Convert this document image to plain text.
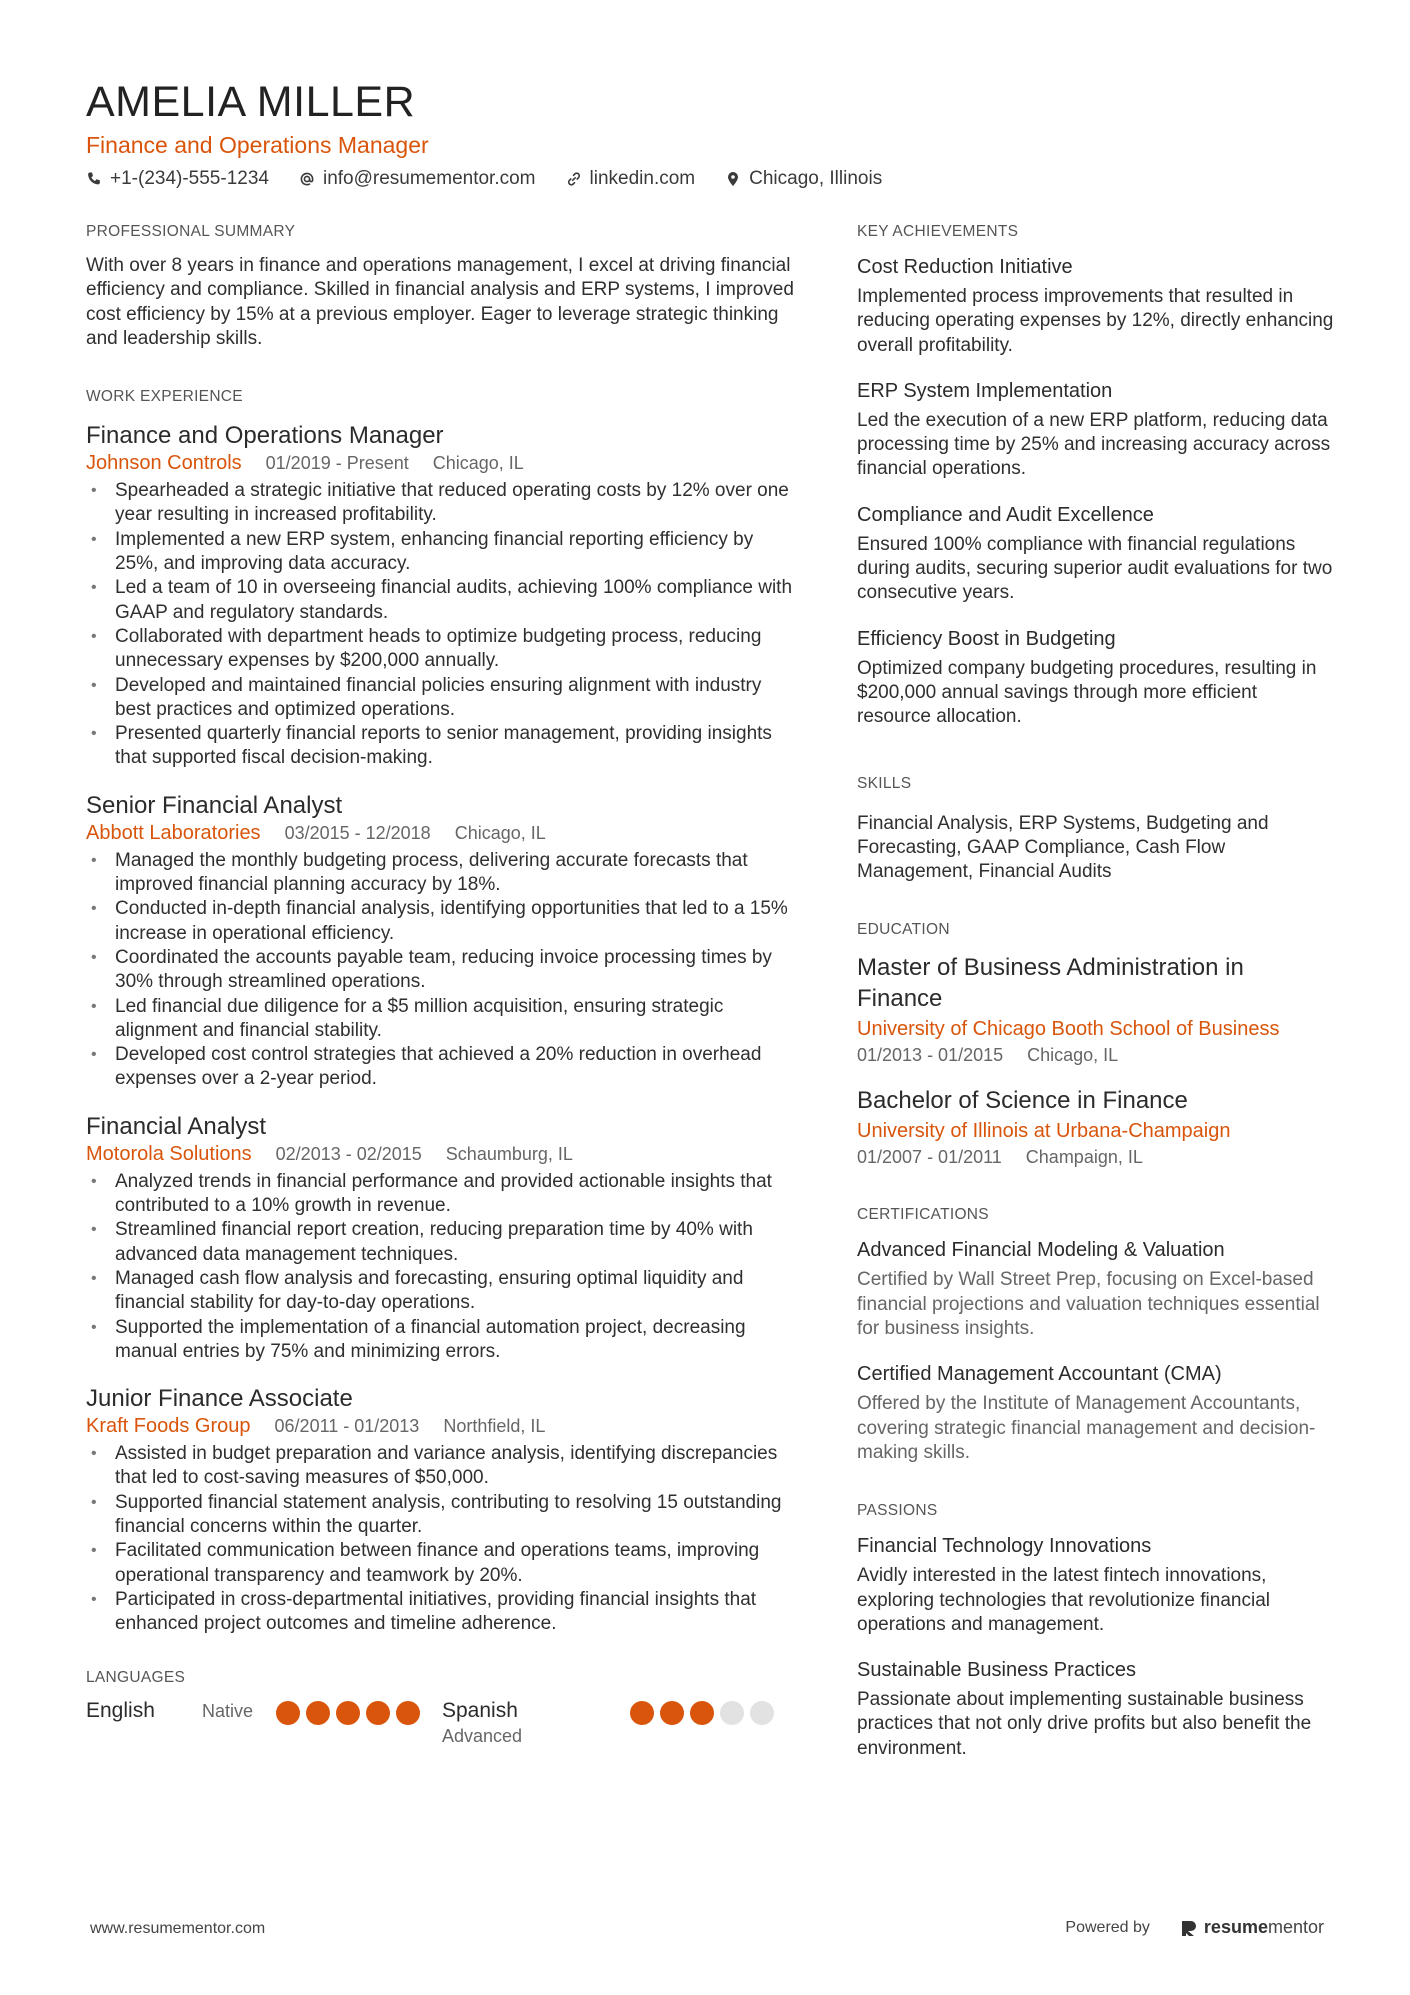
AMELIA MILLER
Finance and Operations Manager
+1-(234)-555-1234	info@resumementor.com	linkedin.com	Chicago, Illinois
PROFESSIONAL SUMMARY
With over 8 years in finance and operations management, I excel at driving financial efficiency and compliance. Skilled in financial analysis and ERP systems, I improved cost efficiency by 15% at a previous employer. Eager to leverage strategic thinking and leadership skills.
WORK EXPERIENCE
Finance and Operations Manager
Johnson Controls 01/2019 - Present Chicago, IL
• Spearheaded a strategic initiative that reduced operating costs by 12% over one year resulting in increased profitability.
• Implemented a new ERP system, enhancing financial reporting efficiency by 25%, and improving data accuracy.
• Led a team of 10 in overseeing financial audits, achieving 100% compliance with GAAP and regulatory standards.
• Collaborated with department heads to optimize budgeting process, reducing unnecessary expenses by $200,000 annually.
• Developed and maintained financial policies ensuring alignment with industry best practices and optimized operations.
• Presented quarterly financial reports to senior management, providing insights that supported fiscal decision-making.
Senior Financial Analyst
Abbott Laboratories 03/2015 - 12/2018 Chicago, IL
• Managed the monthly budgeting process, delivering accurate forecasts that improved financial planning accuracy by 18%.
• Conducted in-depth financial analysis, identifying opportunities that led to a 15% increase in operational efficiency.
• Coordinated the accounts payable team, reducing invoice processing times by 30% through streamlined operations.
• Led financial due diligence for a $5 million acquisition, ensuring strategic alignment and financial stability.
• Developed cost control strategies that achieved a 20% reduction in overhead expenses over a 2-year period.
Financial Analyst
Motorola Solutions 02/2013 - 02/2015 Schaumburg, IL
• Analyzed trends in financial performance and provided actionable insights that contributed to a 10% growth in revenue.
• Streamlined financial report creation, reducing preparation time by 40% with advanced data management techniques.
• Managed cash flow analysis and forecasting, ensuring optimal liquidity and financial stability for day-to-day operations.
• Supported the implementation of a financial automation project, decreasing manual entries by 75% and minimizing errors.
Junior Finance Associate
Kraft Foods Group 06/2011 - 01/2013 Northfield, IL
• Assisted in budget preparation and variance analysis, identifying discrepancies that led to cost-saving measures of $50,000.
• Supported financial statement analysis, contributing to resolving 15 outstanding financial concerns within the quarter.
• Facilitated communication between finance and operations teams, improving operational transparency and teamwork by 20%.
• Participated in cross-departmental initiatives, providing financial insights that enhanced project outcomes and timeline adherence.
LANGUAGES
English	Native	Spanish
Advanced
KEY ACHIEVEMENTS
Cost Reduction Initiative
Implemented process improvements that resulted in reducing operating expenses by 12%, directly enhancing overall profitability.
ERP System Implementation
Led the execution of a new ERP platform, reducing data processing time by 25% and increasing accuracy across financial operations.
Compliance and Audit Excellence
Ensured 100% compliance with financial regulations during audits, securing superior audit evaluations for two consecutive years.
Efficiency Boost in Budgeting
Optimized company budgeting procedures, resulting in $200,000 annual savings through more efficient resource allocation.
SKILLS
Financial Analysis, ERP Systems, Budgeting and Forecasting, GAAP Compliance, Cash Flow Management, Financial Audits
EDUCATION
Master of Business Administration in Finance
University of Chicago Booth School of Business
01/2013 - 01/2015 Chicago, IL
Bachelor of Science in Finance
University of Illinois at Urbana-Champaign
01/2007 - 01/2011 Champaign, IL
CERTIFICATIONS
Advanced Financial Modeling & Valuation
Certified by Wall Street Prep, focusing on Excel-based financial projections and valuation techniques essential for business insights.
Certified Management Accountant (CMA)
Offered by the Institute of Management Accountants, covering strategic financial management and decision-making skills.
PASSIONS
Financial Technology Innovations
Avidly interested in the latest fintech innovations, exploring technologies that revolutionize financial operations and management.
Sustainable Business Practices
Passionate about implementing sustainable business practices that not only drive profits but also benefit the environment.
www.resumementor.com	Powered by	resumementor
